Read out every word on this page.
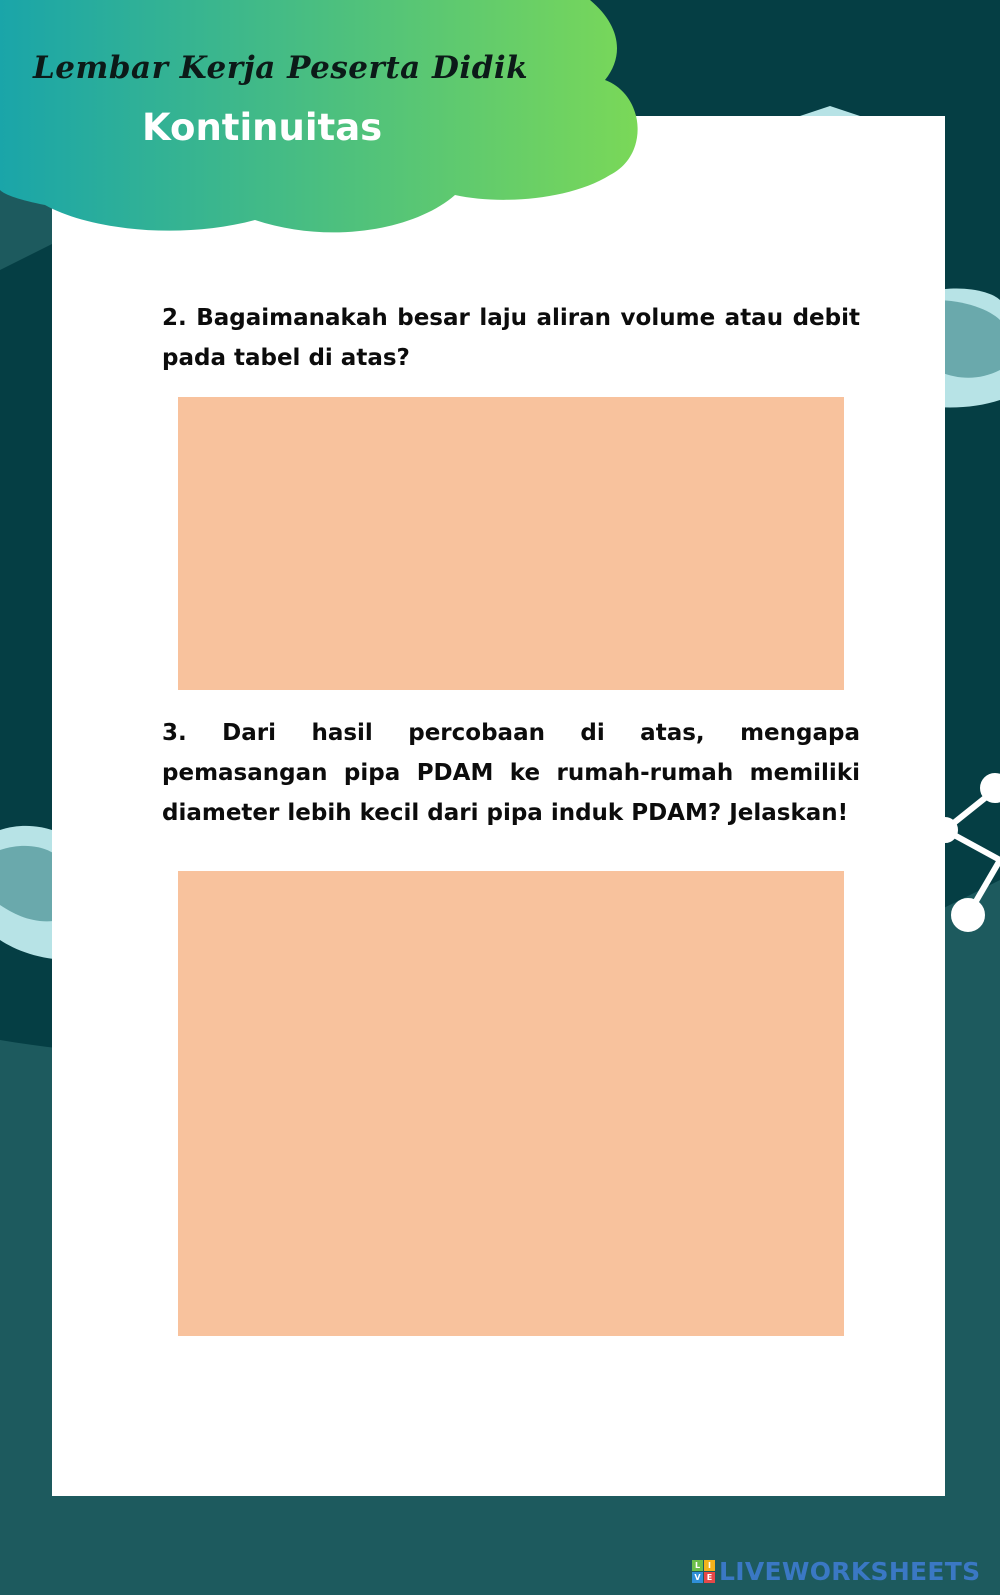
Lembar Kerja Peserta Didik
Kontinuitas

2. Bagaimanakah besar laju aliran volume atau debit pada tabel di atas?

3. Dari hasil percobaan di atas, mengapa pemasangan pipa PDAM ke rumah-rumah memiliki diameter lebih kecil dari pipa induk PDAM? Jelaskan!

L I
V E LIVEWORKSHEETS
